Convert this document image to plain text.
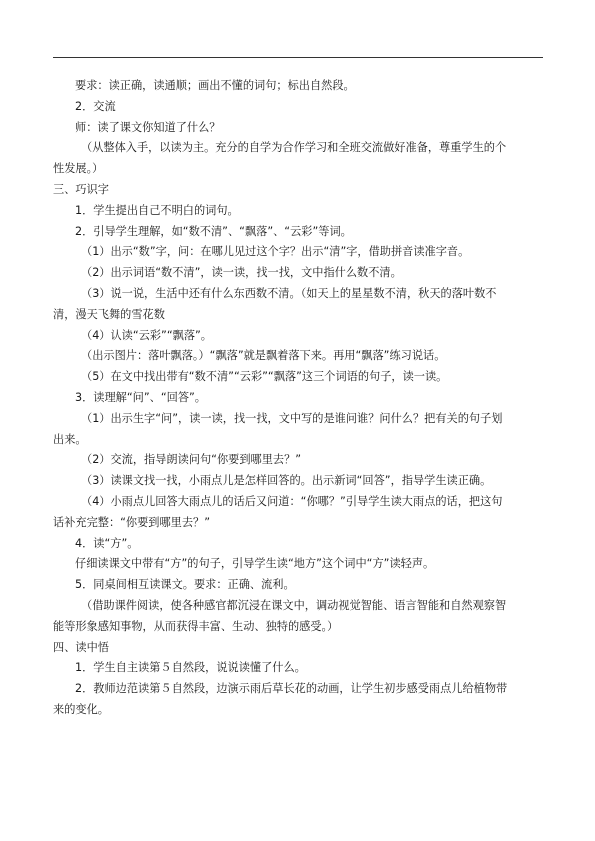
要求：读正确，读通顺；画出不懂的词句；标出自然段。
2．交流
师：读了课文你知道了什么？
（从整体入手，以读为主。充分的自学为合作学习和全班交流做好准备，尊重学生的个
性发展。）
三、巧识字
1．学生提出自己不明白的词句。
2．引导学生理解，如“数不清”、“飘落”、“云彩”等词。
（1）出示“数”字，问：在哪儿见过这个字？出示“清”字，借助拼音读准字音。
（2）出示词语“数不清”，读一读，找一找，文中指什么数不清。
（3）说一说，生活中还有什么东西数不清。（如天上的星星数不清，秋天的落叶数不
清，漫天飞舞的雪花数
（4）认读“云彩”“飘落”。
（出示图片：落叶飘落。）“飘落”就是飘着落下来。再用“飘落”练习说话。
（5）在文中找出带有“数不清”“云彩”“飘落”这三个词语的句子，读一读。
3．读理解“问”、“回答”。
（1）出示生字“问”，读一读，找一找，文中写的是谁问谁？问什么？把有关的句子划
出来。
（2）交流，指导朗读问句“你要到哪里去？”
（3）读课文找一找，小雨点儿是怎样回答的。出示新词“回答”，指导学生读正确。
（4）小雨点儿回答大雨点儿的话后又问道：“你哪？”引导学生读大雨点的话，把这句
话补充完整：“你要到哪里去？”
4．读“方”。
仔细读课文中带有“方”的句子，引导学生读“地方”这个词中“方”读轻声。
5．同桌间相互读课文。要求：正确、流利。
（借助课件阅读，使各种感官都沉浸在课文中，调动视觉智能、语言智能和自然观察智
能等形象感知事物，从而获得丰富、生动、独特的感受。）
四、读中悟
1．学生自主读第５自然段，说说读懂了什么。
2．教师边范读第５自然段，边演示雨后草长花的动画，让学生初步感受雨点儿给植物带
来的变化。
